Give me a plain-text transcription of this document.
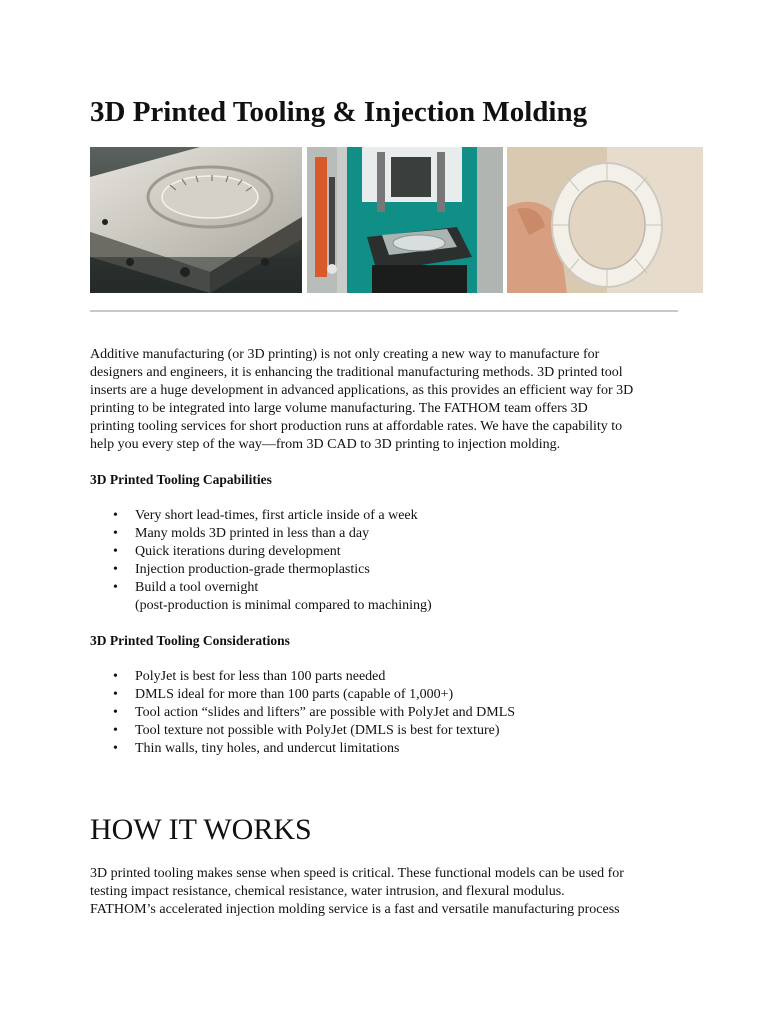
3D Printed Tooling & Injection Molding

Additive manufacturing (or 3D printing) is not only creating a new way to manufacture for
designers and engineers, it is enhancing the traditional manufacturing methods. 3D printed tool
inserts are a huge development in advanced applications, as this provides an efficient way for 3D
printing to be integrated into large volume manufacturing. The FATHOM team offers 3D
printing tooling services for short production runs at affordable rates. We have the capability to
help you every step of the way—from 3D CAD to 3D printing to injection molding.

3D Printed Tooling Capabilities

• Very short lead-times, first article inside of a week
• Many molds 3D printed in less than a day
• Quick iterations during development
• Injection production-grade thermoplastics
• Build a tool overnight
(post-production is minimal compared to machining)

3D Printed Tooling Considerations

• PolyJet is best for less than 100 parts needed
• DMLS ideal for more than 100 parts (capable of 1,000+)
• Tool action “slides and lifters” are possible with PolyJet and DMLS
• Tool texture not possible with PolyJet (DMLS is best for texture)
• Thin walls, tiny holes, and undercut limitations
HOW IT WORKS

3D printed tooling makes sense when speed is critical. These functional models can be used for
testing impact resistance, chemical resistance, water intrusion, and flexural modulus.
FATHOM’s accelerated injection molding service is a fast and versatile manufacturing process
